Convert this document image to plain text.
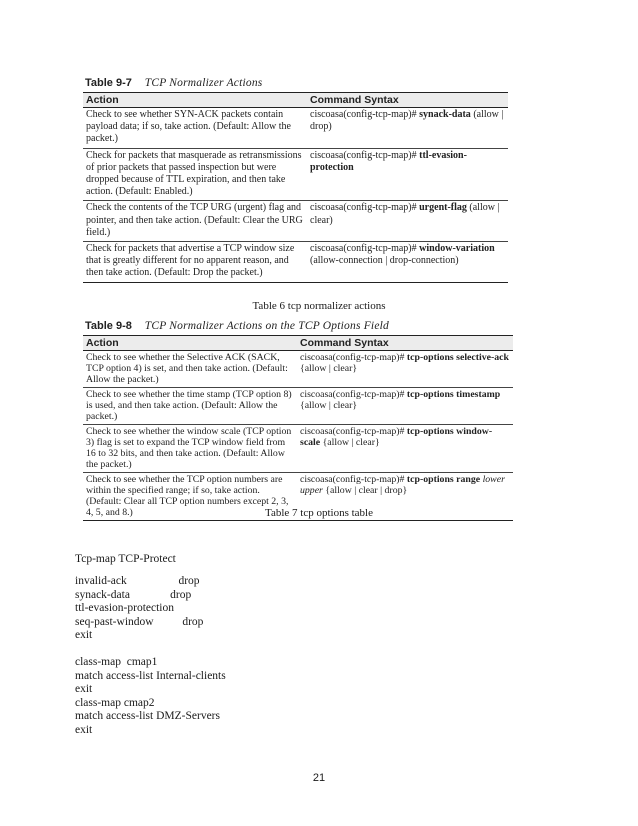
Table 9-7 TCP Normalizer Actions
Action	Command Syntax
Check to see whether SYN-ACK packets contain payload data; if so, take action. (Default: Allow the packet.)	ciscoasa(config-tcp-map)# synack-data (allow | drop)
Check for packets that masquerade as retransmissions of prior packets that passed inspection but were dropped because of TTL expiration, and then take action. (Default: Enabled.)	ciscoasa(config-tcp-map)# ttl-evasion-protection
Check the contents of the TCP URG (urgent) flag and pointer, and then take action. (Default: Clear the URG field.)	ciscoasa(config-tcp-map)# urgent-flag (allow | clear)
Check for packets that advertise a TCP window size that is greatly different for no apparent reason, and then take action. (Default: Drop the packet.)	ciscoasa(config-tcp-map)# window-variation (allow-connection | drop-connection)
Table 6 tcp normalizer actions
Table 9-8 TCP Normalizer Actions on the TCP Options Field
Action	Command Syntax
Check to see whether the Selective ACK (SACK, TCP option 4) is set, and then take action. (Default: Allow the packet.)	ciscoasa(config-tcp-map)# tcp-options selective-ack {allow | clear}
Check to see whether the time stamp (TCP option 8) is used, and then take action. (Default: Allow the packet.)	ciscoasa(config-tcp-map)# tcp-options timestamp {allow | clear}
Check to see whether the window scale (TCP option 3) flag is set to expand the TCP window field from 16 to 32 bits, and then take action. (Default: Allow the packet.)	ciscoasa(config-tcp-map)# tcp-options window-scale {allow | clear}
Check to see whether the TCP option numbers are within the specified range; if so, take action. (Default: Clear all TCP option numbers except 2, 3, 4, 5, and 8.)	ciscoasa(config-tcp-map)# tcp-options range lower upper {allow | clear | drop}
Table 7 tcp options table
Tcp-map TCP-Protect
invalid-ack                  drop
synack-data              drop
ttl-evasion-protection
seq-past-window          drop
exit
class-map  cmap1
match access-list Internal-clients
exit
class-map cmap2
match access-list DMZ-Servers
exit
21
